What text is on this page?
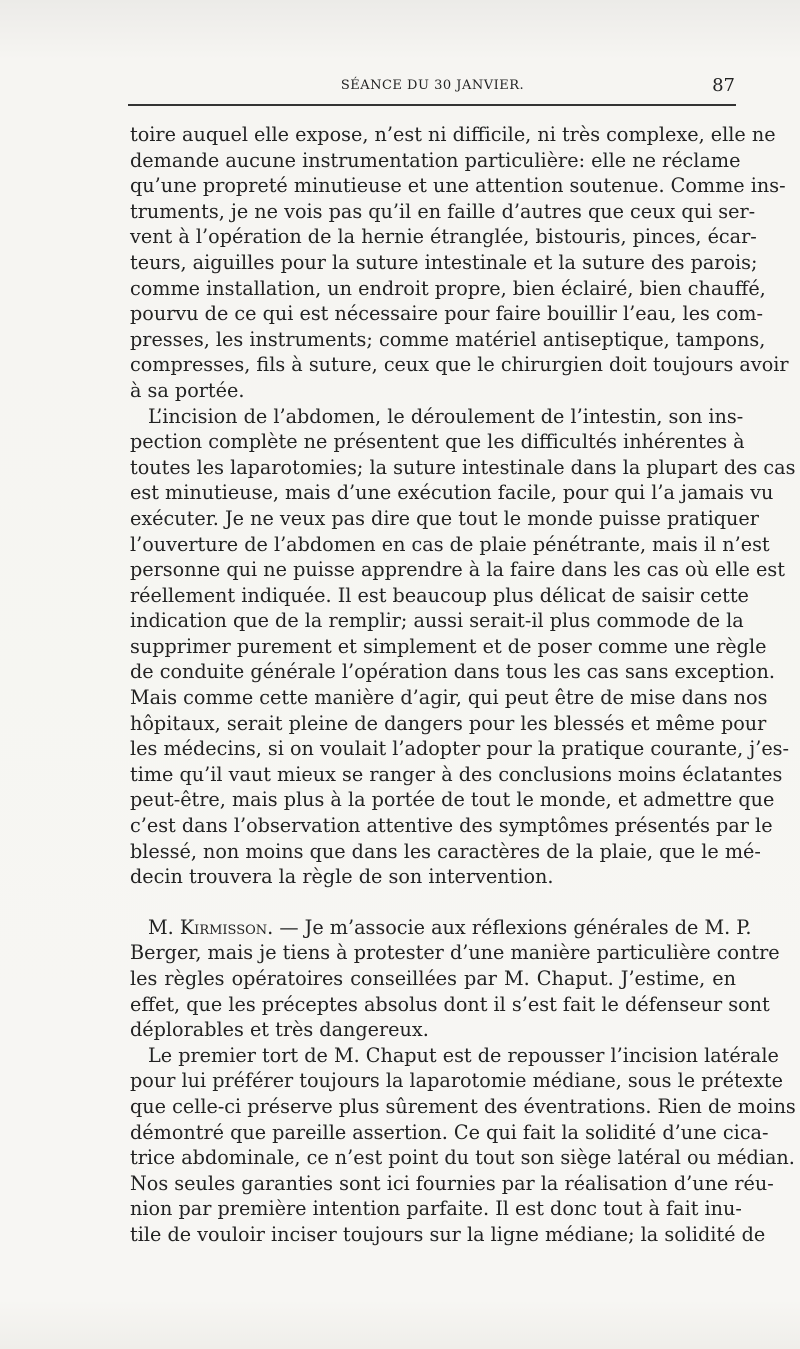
SÉANCE DU 30 JANVIER.	87
toire auquel elle expose, n’est ni difficile, ni très complexe, elle ne
demande aucune instrumentation particulière: elle ne réclame
qu’une propreté minutieuse et une attention soutenue. Comme ins-
truments, je ne vois pas qu’il en faille d’autres que ceux qui ser-
vent à l’opération de la hernie étranglée, bistouris, pinces, écar-
teurs, aiguilles pour la suture intestinale et la suture des parois;
comme installation, un endroit propre, bien éclairé, bien chauffé,
pourvu de ce qui est nécessaire pour faire bouillir l’eau, les com-
presses, les instruments; comme matériel antiseptique, tampons,
compresses, fils à suture, ceux que le chirurgien doit toujours avoir
à sa portée.
L’incision de l’abdomen, le déroulement de l’intestin, son ins-
pection complète ne présentent que les difficultés inhérentes à
toutes les laparotomies; la suture intestinale dans la plupart des cas
est minutieuse, mais d’une exécution facile, pour qui l’a jamais vu
exécuter. Je ne veux pas dire que tout le monde puisse pratiquer
l’ouverture de l’abdomen en cas de plaie pénétrante, mais il n’est
personne qui ne puisse apprendre à la faire dans les cas où elle est
réellement indiquée. Il est beaucoup plus délicat de saisir cette
indication que de la remplir; aussi serait-il plus commode de la
supprimer purement et simplement et de poser comme une règle
de conduite générale l’opération dans tous les cas sans exception.
Mais comme cette manière d’agir, qui peut être de mise dans nos
hôpitaux, serait pleine de dangers pour les blessés et même pour
les médecins, si on voulait l’adopter pour la pratique courante, j’es-
time qu’il vaut mieux se ranger à des conclusions moins éclatantes
peut-être, mais plus à la portée de tout le monde, et admettre que
c’est dans l’observation attentive des symptômes présentés par le
blessé, non moins que dans les caractères de la plaie, que le mé-
decin trouvera la règle de son intervention.
M. Kirmisson. — Je m’associe aux réflexions générales de M. P.
Berger, mais je tiens à protester d’une manière particulière contre
les règles opératoires conseillées par M. Chaput. J’estime, en
effet, que les préceptes absolus dont il s’est fait le défenseur sont
déplorables et très dangereux.
Le premier tort de M. Chaput est de repousser l’incision latérale
pour lui préférer toujours la laparotomie médiane, sous le prétexte
que celle-ci préserve plus sûrement des éventrations. Rien de moins
démontré que pareille assertion. Ce qui fait la solidité d’une cica-
trice abdominale, ce n’est point du tout son siège latéral ou médian.
Nos seules garanties sont ici fournies par la réalisation d’une réu-
nion par première intention parfaite. Il est donc tout à fait inu-
tile de vouloir inciser toujours sur la ligne médiane; la solidité de
